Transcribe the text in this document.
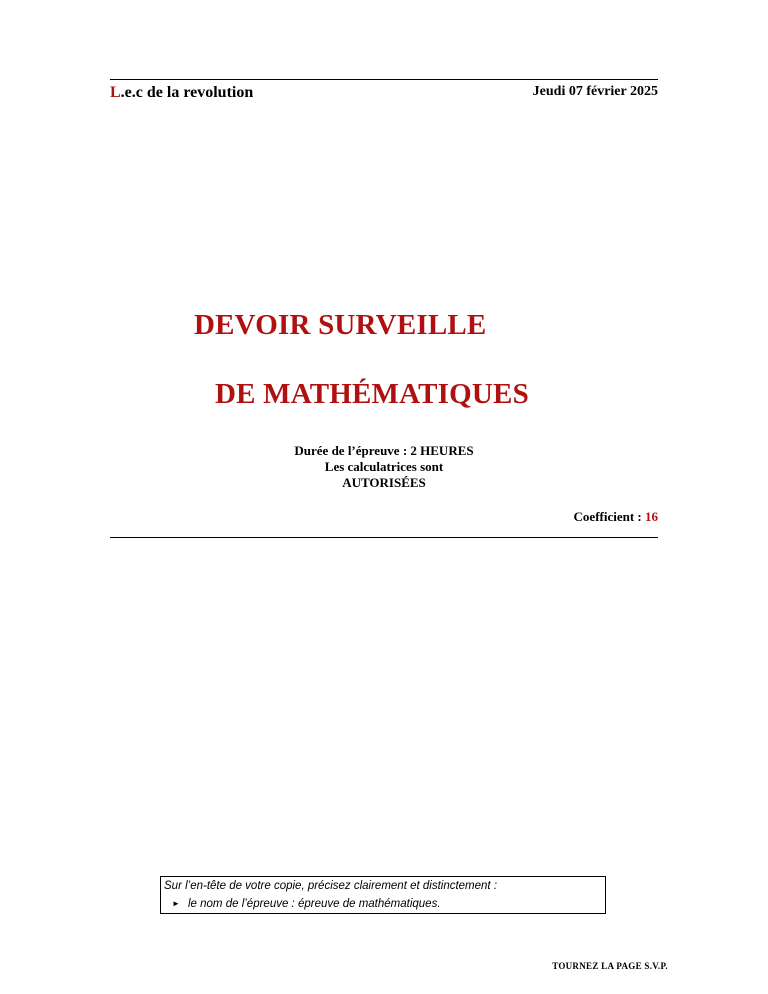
L.e.c de la revolution	Jeudi 07 février 2025
DEVOIR SURVEILLE
DE MATHÉMATIQUES
Durée de l’épreuve : 2 HEURES
Les calculatrices sont
AUTORISÉES
Coefficient : 16
Sur l’en-tête de votre copie, précisez clairement et distinctement :
► le nom de l’épreuve : épreuve de mathématiques.
TOURNEZ LA PAGE S.V.P.
